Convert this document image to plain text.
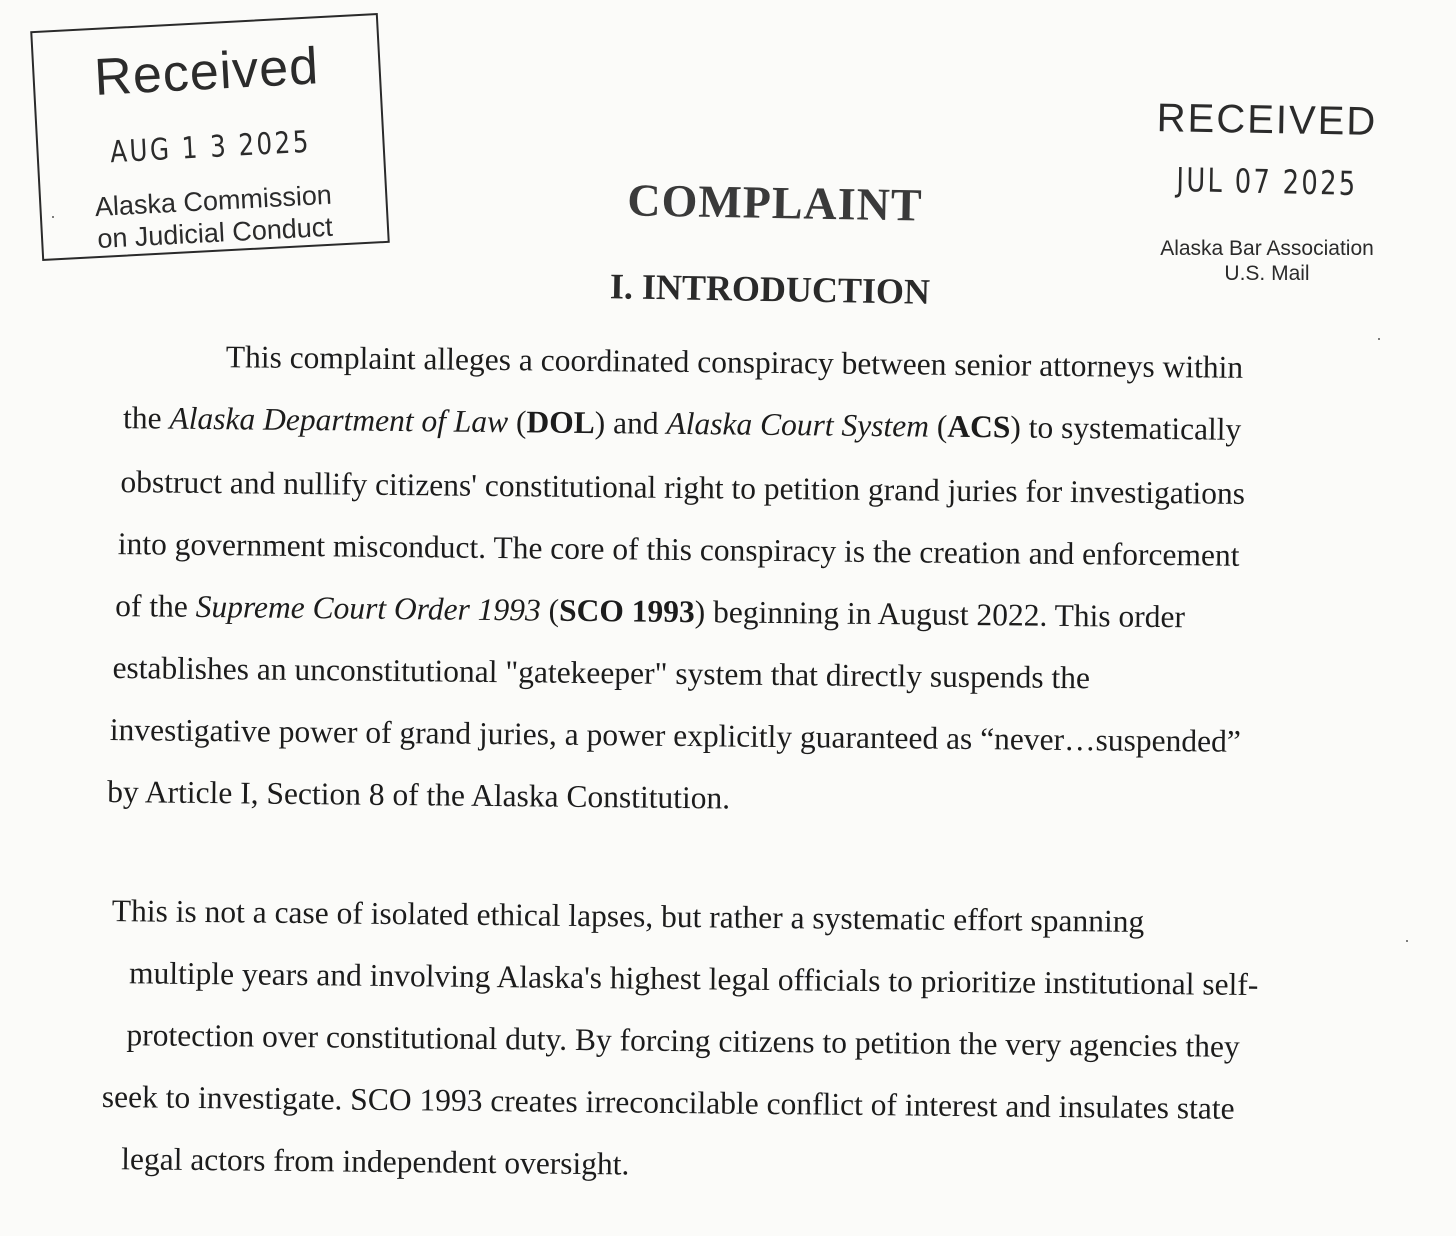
Received
AUG 1 3 2025
Alaska Commission
on Judicial Conduct
RECEIVED
JUL 07 2025
Alaska Bar Association
U.S. Mail
COMPLAINT
I. INTRODUCTION
This complaint alleges a coordinated conspiracy between senior attorneys within
the Alaska Department of Law (DOL) and Alaska Court System (ACS) to systematically
obstruct and nullify citizens' constitutional right to petition grand juries for investigations
into government misconduct. The core of this conspiracy is the creation and enforcement
of the Supreme Court Order 1993 (SCO 1993) beginning in August 2022. This order
establishes an unconstitutional "gatekeeper" system that directly suspends the
investigative power of grand juries, a power explicitly guaranteed as “never…suspended”
by Article I, Section 8 of the Alaska Constitution.
This is not a case of isolated ethical lapses, but rather a systematic effort spanning
multiple years and involving Alaska's highest legal officials to prioritize institutional self-
protection over constitutional duty. By forcing citizens to petition the very agencies they
seek to investigate. SCO 1993 creates irreconcilable conflict of interest and insulates state
legal actors from independent oversight.
